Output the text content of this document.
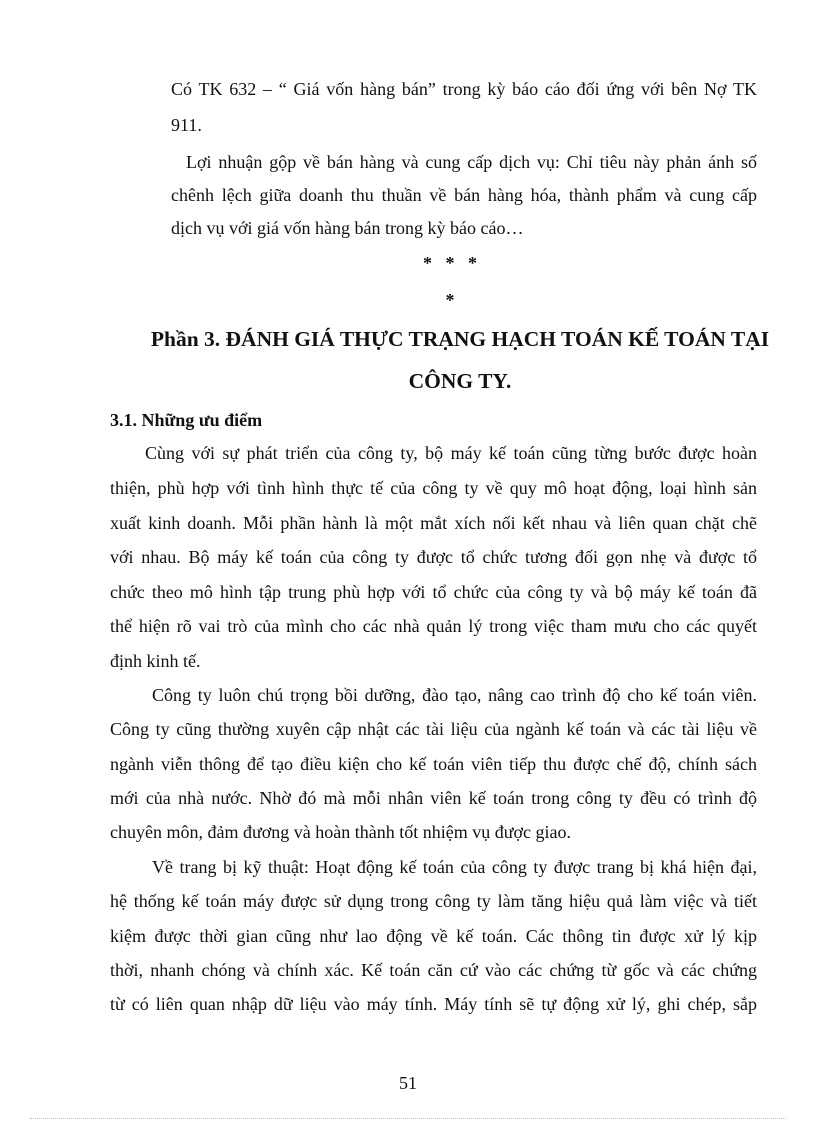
Có TK 632 – “ Giá vốn hàng bán” trong kỳ báo cáo đối ứng với bên Nợ TK
911.
Lợi nhuận gộp về bán hàng và cung cấp dịch vụ: Chỉ tiêu này phản ánh số
chênh lệch giữa doanh thu thuần về bán hàng hóa, thành phẩm và cung cấp
dịch vụ với giá vốn hàng bán trong kỳ báo cáo…
*   *   *
*
Phần 3. ĐÁNH GIÁ THỰC TRẠNG HẠCH TOÁN KẾ TOÁN TẠI
CÔNG TY.
3.1. Những ưu điểm
Cùng với sự phát triển của công ty, bộ máy kế toán cũng từng bước được hoàn
thiện, phù hợp với tình hình thực tế của công ty về quy mô hoạt động, loại hình sản
xuất kinh doanh. Mỗi phần hành là một mắt xích nối kết nhau và liên quan chặt chẽ
với nhau. Bộ máy kế toán của công ty được tổ chức tương đối gọn nhẹ và được tổ
chức theo mô hình tập trung phù hợp với tổ chức của công ty và bộ máy kế toán đã
thể hiện rõ vai trò của mình cho các nhà quản lý trong việc tham mưu cho các quyết
định kinh tế.
Công ty luôn chú trọng bồi dưỡng, đào tạo, nâng cao trình độ cho kế toán viên.
Công ty cũng thường xuyên cập nhật các tài liệu của ngành kế toán và các tài liệu về
ngành viễn thông để tạo điều kiện cho kế toán viên tiếp thu được chế độ, chính sách
mới của nhà nước. Nhờ đó mà mỗi nhân viên kế toán trong công ty đều có trình độ
chuyên môn, đảm đương và hoàn thành tốt nhiệm vụ được giao.
Về trang bị kỹ thuật: Hoạt động kế toán của công ty được trang bị khá hiện đại,
hệ thống kế toán máy được sử dụng trong công ty làm tăng hiệu quả làm việc và tiết
kiệm được thời gian cũng như lao động về kế toán. Các thông tin được xử lý kịp
thời, nhanh chóng và chính xác. Kế toán căn cứ vào các chứng từ gốc và các chứng
từ có liên quan nhập dữ liệu vào máy tính. Máy tính sẽ tự động xử lý, ghi chép, sắp
51
